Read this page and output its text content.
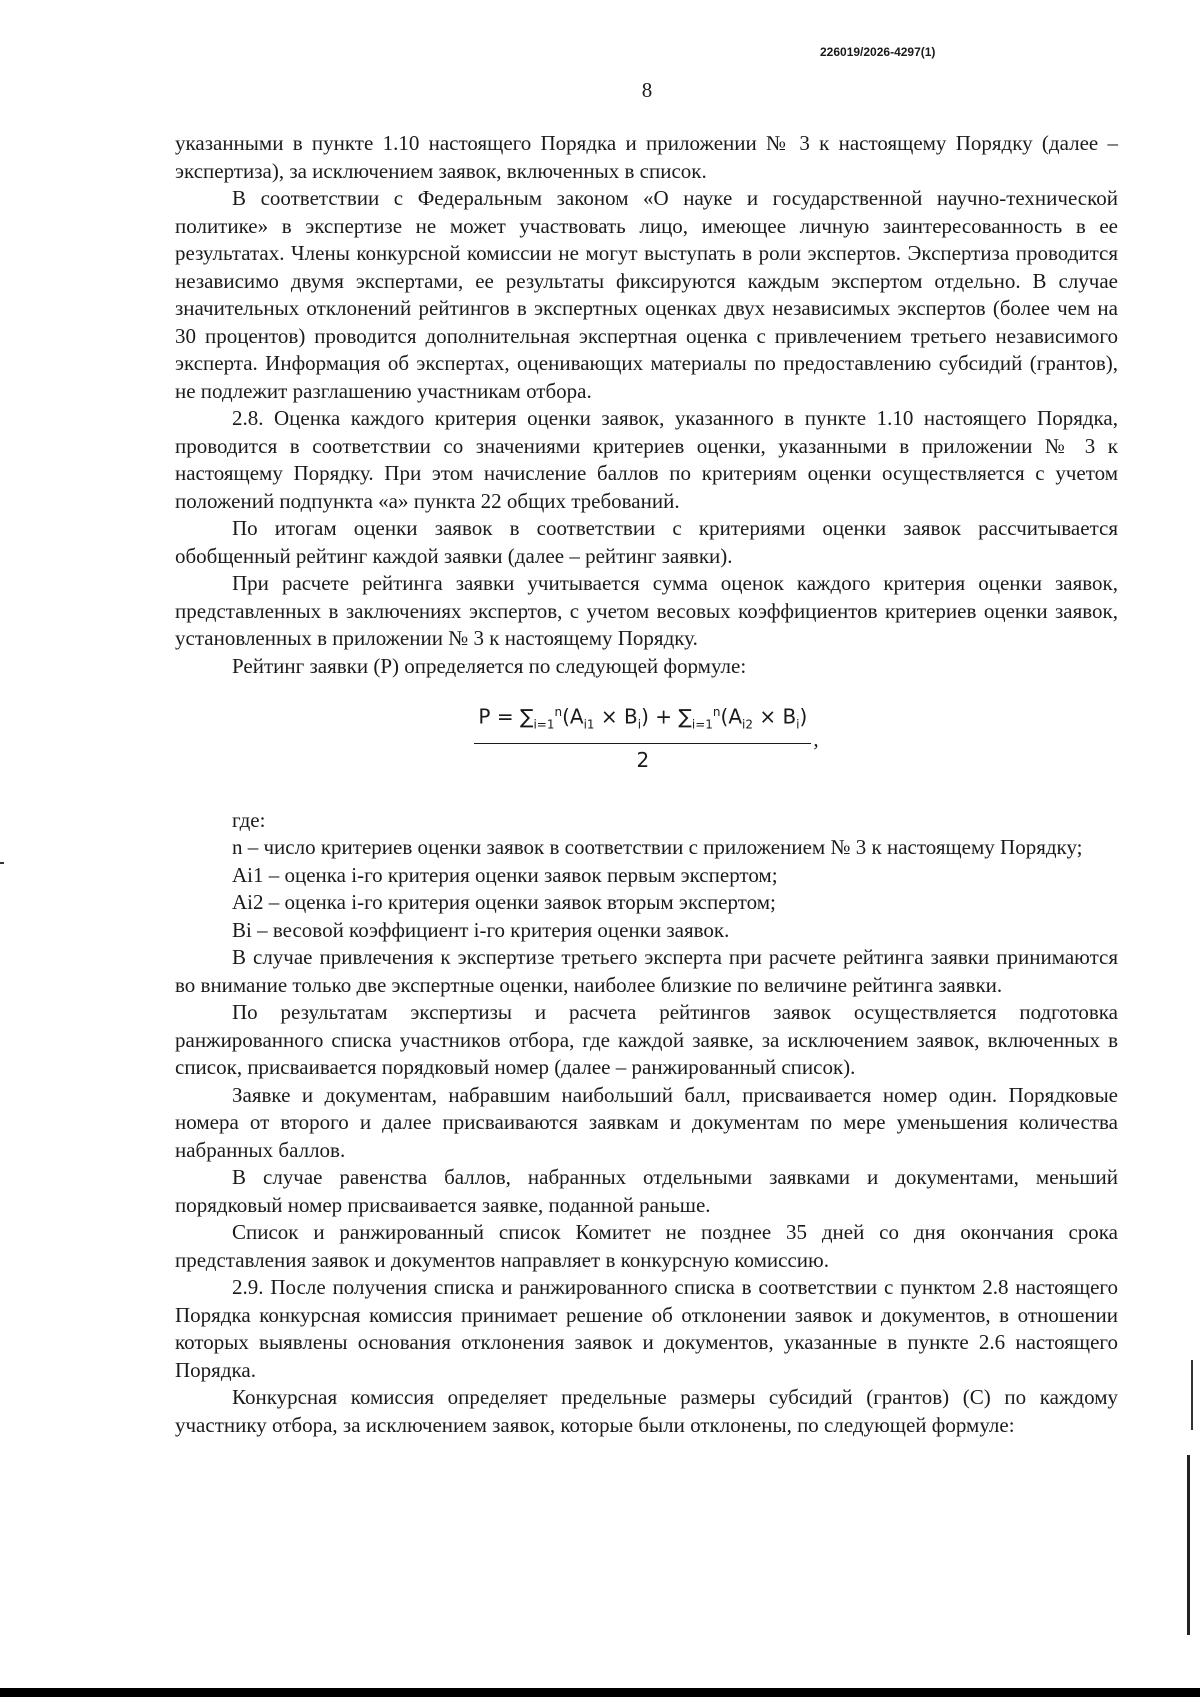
226019/2026-4297(1)
8

указанными в пункте 1.10 настоящего Порядка и приложении № 3 к настоящему Порядку (далее – экспертиза), за исключением заявок, включенных в список.

В соответствии с Федеральным законом «О науке и государственной научно-технической политике» в экспертизе не может участвовать лицо, имеющее личную заинтересованность в ее результатах. Члены конкурсной комиссии не могут выступать в роли экспертов. Экспертиза проводится независимо двумя экспертами, ее результаты фиксируются каждым экспертом отдельно. В случае значительных отклонений рейтингов в экспертных оценках двух независимых экспертов (более чем на 30 процентов) проводится дополнительная экспертная оценка с привлечением третьего независимого эксперта. Информация об экспертах, оценивающих материалы по предоставлению субсидий (грантов), не подлежит разглашению участникам отбора.

2.8. Оценка каждого критерия оценки заявок, указанного в пункте 1.10 настоящего Порядка, проводится в соответствии со значениями критериев оценки, указанными в приложении № 3 к настоящему Порядку. При этом начисление баллов по критериям оценки осуществляется с учетом положений подпункта «а» пункта 22 общих требований.

По итогам оценки заявок в соответствии с критериями оценки заявок рассчитывается обобщенный рейтинг каждой заявки (далее – рейтинг заявки).

При расчете рейтинга заявки учитывается сумма оценок каждого критерия оценки заявок, представленных в заключениях экспертов, с учетом весовых коэффициентов критериев оценки заявок, установленных в приложении № 3 к настоящему Порядку.

Рейтинг заявки (Р) определяется по следующей формуле:

$\frac{Р = \sum_{i=1}^n(A_{i1} \times B_i) + \sum_{i=1}^n(A_{i2} \times B_i)}{2}$ ,

где:

n – число критериев оценки заявок в соответствии с приложением № 3 к настоящему Порядку;

Аi1 – оценка i-го критерия оценки заявок первым экспертом;

Аi2 – оценка i-го критерия оценки заявок вторым экспертом;

Вi – весовой коэффициент i-го критерия оценки заявок.

В случае привлечения к экспертизе третьего эксперта при расчете рейтинга заявки принимаются во внимание только две экспертные оценки, наиболее близкие по величине рейтинга заявки.

По результатам экспертизы и расчета рейтингов заявок осуществляется подготовка ранжированного списка участников отбора, где каждой заявке, за исключением заявок, включенных в список, присваивается порядковый номер (далее – ранжированный список).

Заявке и документам, набравшим наибольший балл, присваивается номер один. Порядковые номера от второго и далее присваиваются заявкам и документам по мере уменьшения количества набранных баллов.

В случае равенства баллов, набранных отдельными заявками и документами, меньший порядковый номер присваивается заявке, поданной раньше.

Список и ранжированный список Комитет не позднее 35 дней со дня окончания срока представления заявок и документов направляет в конкурсную комиссию.

2.9. После получения списка и ранжированного списка в соответствии с пунктом 2.8 настоящего Порядка конкурсная комиссия принимает решение об отклонении заявок и документов, в отношении которых выявлены основания отклонения заявок и документов, указанные в пункте 2.6 настоящего Порядка.

Конкурсная комиссия определяет предельные размеры субсидий (грантов) (С) по каждому участнику отбора, за исключением заявок, которые были отклонены, по следующей формуле:
